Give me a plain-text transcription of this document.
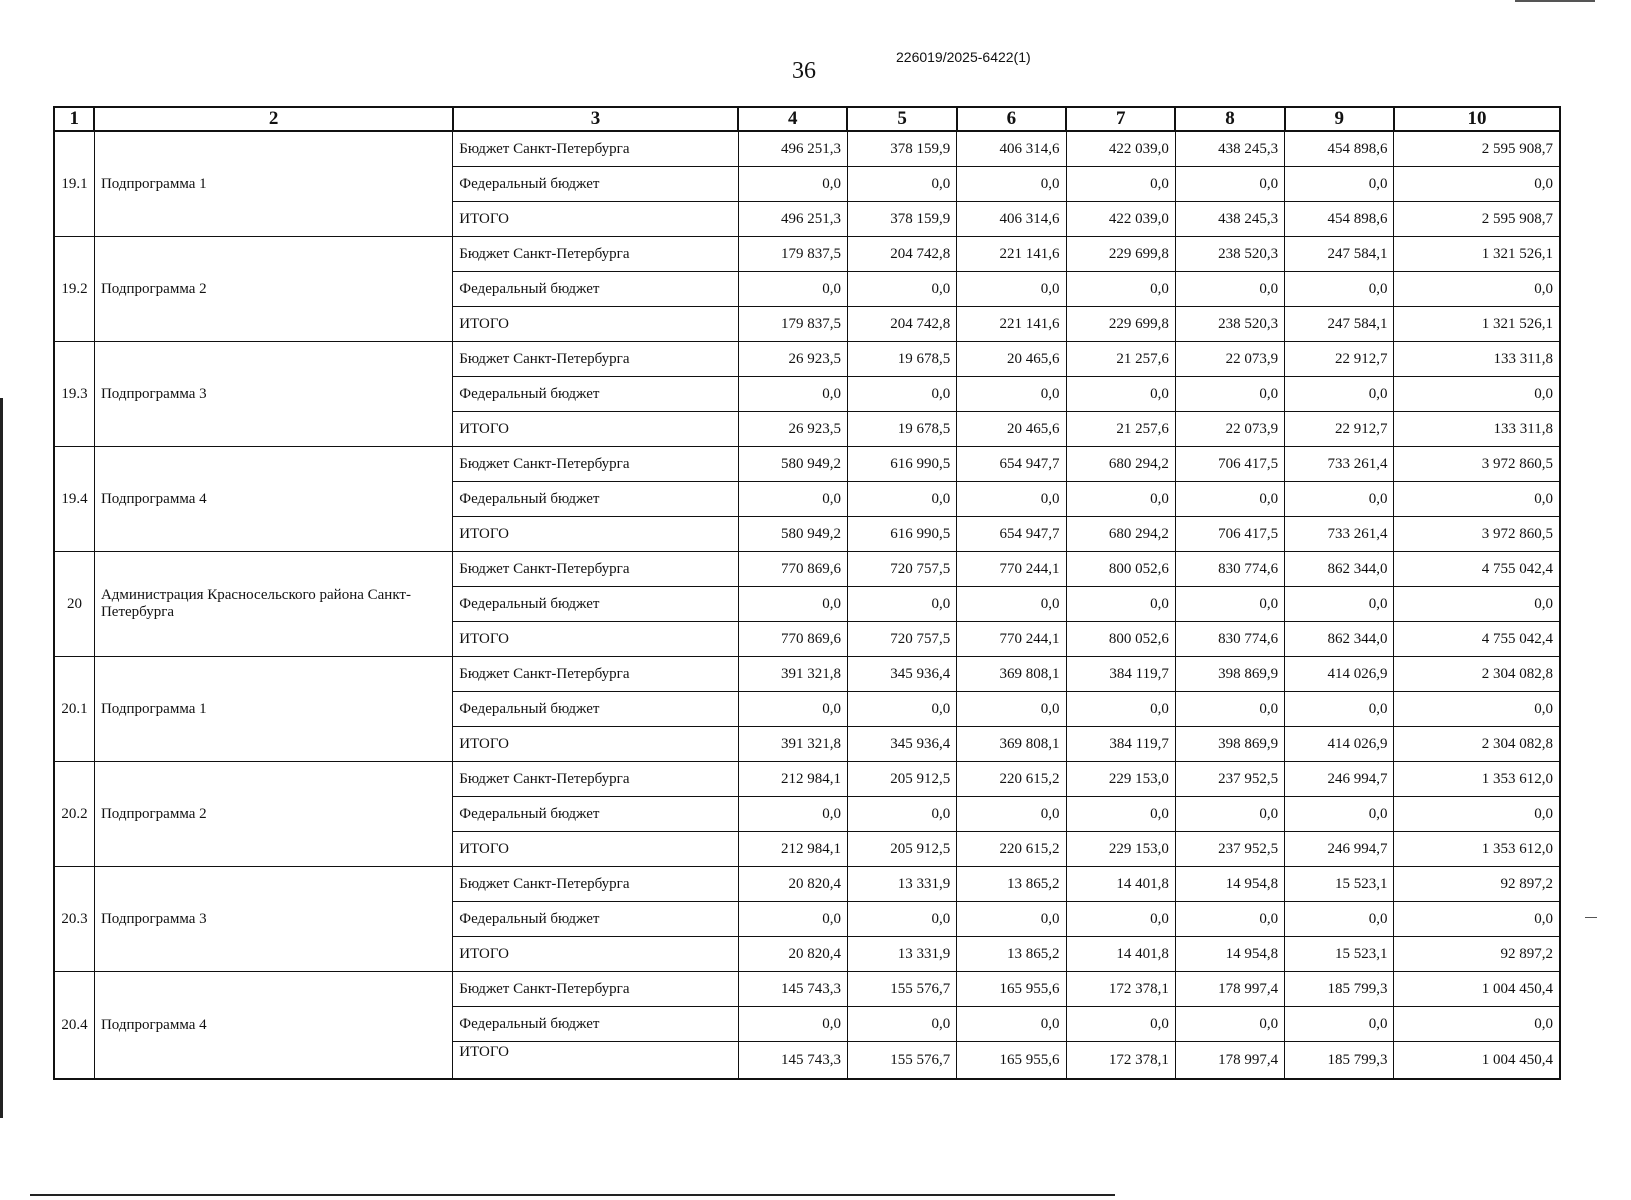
36
226019/2025-6422(1)
1	2	3	4	5	6	7	8	9	10
19.1	Подпрограмма 1	Бюджет Санкт-Петербурга	496 251,3	378 159,9	406 314,6	422 039,0	438 245,3	454 898,6	2 595 908,7
		Федеральный бюджет	0,0	0,0	0,0	0,0	0,0	0,0	0,0
		ИТОГО	496 251,3	378 159,9	406 314,6	422 039,0	438 245,3	454 898,6	2 595 908,7
19.2	Подпрограмма 2	Бюджет Санкт-Петербурга	179 837,5	204 742,8	221 141,6	229 699,8	238 520,3	247 584,1	1 321 526,1
		Федеральный бюджет	0,0	0,0	0,0	0,0	0,0	0,0	0,0
		ИТОГО	179 837,5	204 742,8	221 141,6	229 699,8	238 520,3	247 584,1	1 321 526,1
19.3	Подпрограмма 3	Бюджет Санкт-Петербурга	26 923,5	19 678,5	20 465,6	21 257,6	22 073,9	22 912,7	133 311,8
		Федеральный бюджет	0,0	0,0	0,0	0,0	0,0	0,0	0,0
		ИТОГО	26 923,5	19 678,5	20 465,6	21 257,6	22 073,9	22 912,7	133 311,8
19.4	Подпрограмма 4	Бюджет Санкт-Петербурга	580 949,2	616 990,5	654 947,7	680 294,2	706 417,5	733 261,4	3 972 860,5
		Федеральный бюджет	0,0	0,0	0,0	0,0	0,0	0,0	0,0
		ИТОГО	580 949,2	616 990,5	654 947,7	680 294,2	706 417,5	733 261,4	3 972 860,5
20	Администрация Красносельского района Санкт-Петербурга	Бюджет Санкт-Петербурга	770 869,6	720 757,5	770 244,1	800 052,6	830 774,6	862 344,0	4 755 042,4
		Федеральный бюджет	0,0	0,0	0,0	0,0	0,0	0,0	0,0
		ИТОГО	770 869,6	720 757,5	770 244,1	800 052,6	830 774,6	862 344,0	4 755 042,4
20.1	Подпрограмма 1	Бюджет Санкт-Петербурга	391 321,8	345 936,4	369 808,1	384 119,7	398 869,9	414 026,9	2 304 082,8
		Федеральный бюджет	0,0	0,0	0,0	0,0	0,0	0,0	0,0
		ИТОГО	391 321,8	345 936,4	369 808,1	384 119,7	398 869,9	414 026,9	2 304 082,8
20.2	Подпрограмма 2	Бюджет Санкт-Петербурга	212 984,1	205 912,5	220 615,2	229 153,0	237 952,5	246 994,7	1 353 612,0
		Федеральный бюджет	0,0	0,0	0,0	0,0	0,0	0,0	0,0
		ИТОГО	212 984,1	205 912,5	220 615,2	229 153,0	237 952,5	246 994,7	1 353 612,0
20.3	Подпрограмма 3	Бюджет Санкт-Петербурга	20 820,4	13 331,9	13 865,2	14 401,8	14 954,8	15 523,1	92 897,2
		Федеральный бюджет	0,0	0,0	0,0	0,0	0,0	0,0	0,0
		ИТОГО	20 820,4	13 331,9	13 865,2	14 401,8	14 954,8	15 523,1	92 897,2
20.4	Подпрограмма 4	Бюджет Санкт-Петербурга	145 743,3	155 576,7	165 955,6	172 378,1	178 997,4	185 799,3	1 004 450,4
		Федеральный бюджет	0,0	0,0	0,0	0,0	0,0	0,0	0,0
		ИТОГО	145 743,3	155 576,7	165 955,6	172 378,1	178 997,4	185 799,3	1 004 450,4
